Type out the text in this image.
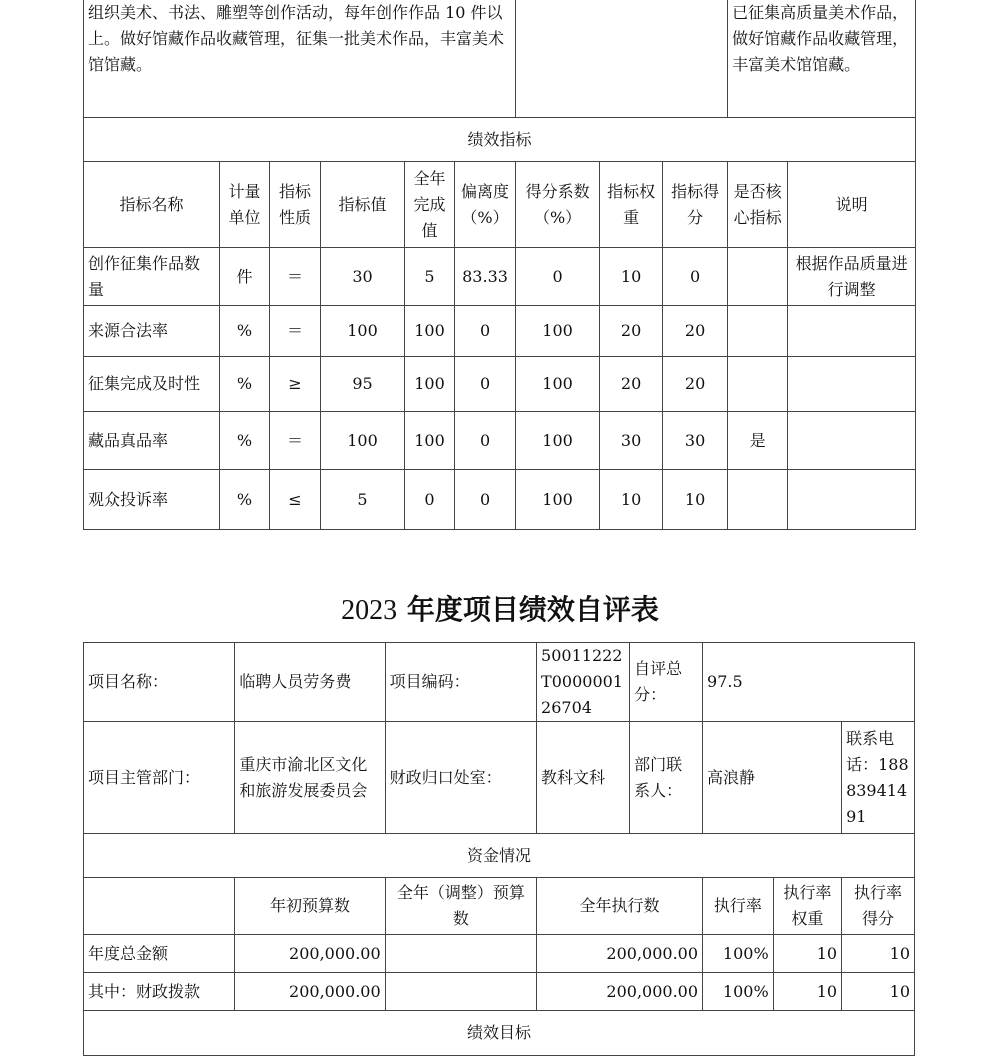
组织美术、书法、雕塑等创作活动，每年创作作品 10 件以上。做好馆藏作品收藏管理，征集一批美术作品，丰富美术馆馆藏。									已征集高质量美术作品，做好馆藏作品收藏管理，丰富美术馆馆藏。	
绩效指标										
指标名称	计量单位	指标性质	指标值	全年完成值	偏离度（%）	得分系数（%）	指标权重	指标得分	是否核心指标	说明
创作征集作品数量	件	＝	30	5	83.33	0	10	0		根据作品质量进行调整
来源合法率	%	＝	100	100	0	100	20	20		
征集完成及时性	%	≥	95	100	0	100	20	20		
藏品真品率	%	＝	100	100	0	100	30	30	是	
观众投诉率	%	≤	5	0	0	100	10	10		
2023 年度项目绩效自评表
项目名称：	临聘人员劳务费	项目编码：	50011222T000000126704	自评总分：	97.5		
项目主管部门：	重庆市渝北区文化和旅游发展委员会	财政归口处室：	教科文科	部门联系人：	高浪静		联系电话：18883941491
资金情况							
	年初预算数	全年（调整）预算数	全年执行数		执行率	执行率权重	执行率得分
年度总金额	200,000.00		200,000.00		100%	10	10
其中：财政拨款	200,000.00		200,000.00		100%	10	10
绩效目标							
